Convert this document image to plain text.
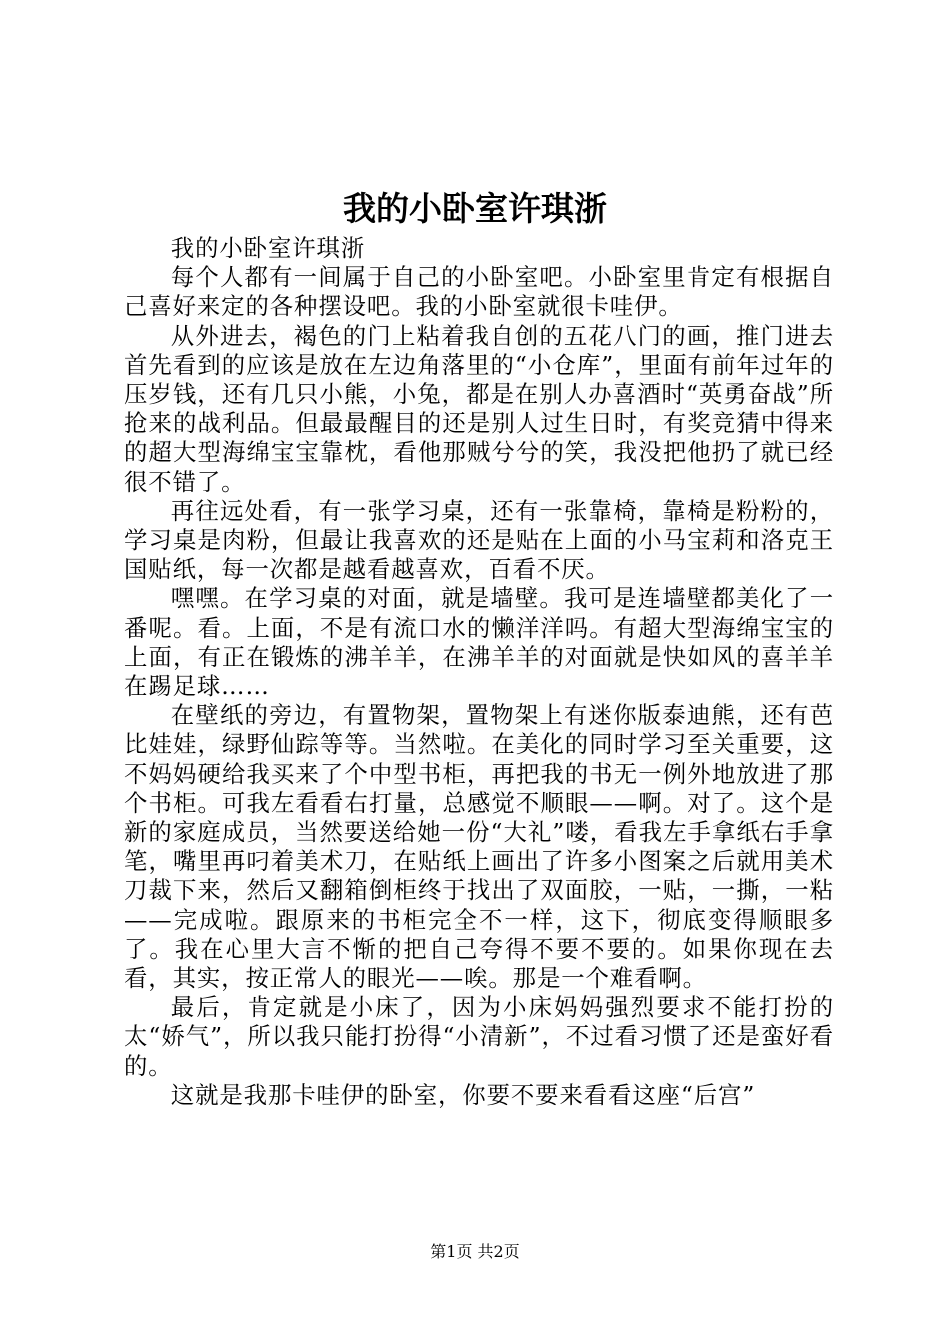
我的小卧室许琪浙

我的小卧室许琪浙

每个人都有一间属于自己的小卧室吧。小卧室里肯定有根据自己喜好来定的各种摆设吧。我的小卧室就很卡哇伊。

从外进去，褐色的门上粘着我自创的五花八门的画，推门进去首先看到的应该是放在左边角落里的“小仓库”，里面有前年过年的压岁钱，还有几只小熊，小兔，都是在别人办喜酒时“英勇奋战”所抢来的战利品。但最最醒目的还是别人过生日时，有奖竞猜中得来的超大型海绵宝宝靠枕，看他那贼兮兮的笑，我没把他扔了就已经很不错了。

再往远处看，有一张学习桌，还有一张靠椅，靠椅是粉粉的，学习桌是肉粉，但最让我喜欢的还是贴在上面的小马宝莉和洛克王国贴纸，每一次都是越看越喜欢，百看不厌。

嘿嘿。在学习桌的对面，就是墙壁。我可是连墙壁都美化了一番呢。看。上面，不是有流口水的懒洋洋吗。有超大型海绵宝宝的上面，有正在锻炼的沸羊羊，在沸羊羊的对面就是快如风的喜羊羊在踢足球……

在壁纸的旁边，有置物架，置物架上有迷你版泰迪熊，还有芭比娃娃，绿野仙踪等等。当然啦。在美化的同时学习至关重要，这不妈妈硬给我买来了个中型书柜，再把我的书无一例外地放进了那个书柜。可我左看看右打量，总感觉不顺眼——啊。对了。这个是新的家庭成员，当然要送给她一份“大礼”喽，看我左手拿纸右手拿笔，嘴里再叼着美术刀，在贴纸上画出了许多小图案之后就用美术刀裁下来，然后又翻箱倒柜终于找出了双面胶，一贴，一撕，一粘——完成啦。跟原来的书柜完全不一样，这下，彻底变得顺眼多了。我在心里大言不惭的把自己夸得不要不要的。如果你现在去看，其实，按正常人的眼光——唉。那是一个难看啊。

最后，肯定就是小床了，因为小床妈妈强烈要求不能打扮的太“娇气”，所以我只能打扮得“小清新”，不过看习惯了还是蛮好看的。

这就是我那卡哇伊的卧室，你要不要来看看这座“后宫”

第1页 共2页
